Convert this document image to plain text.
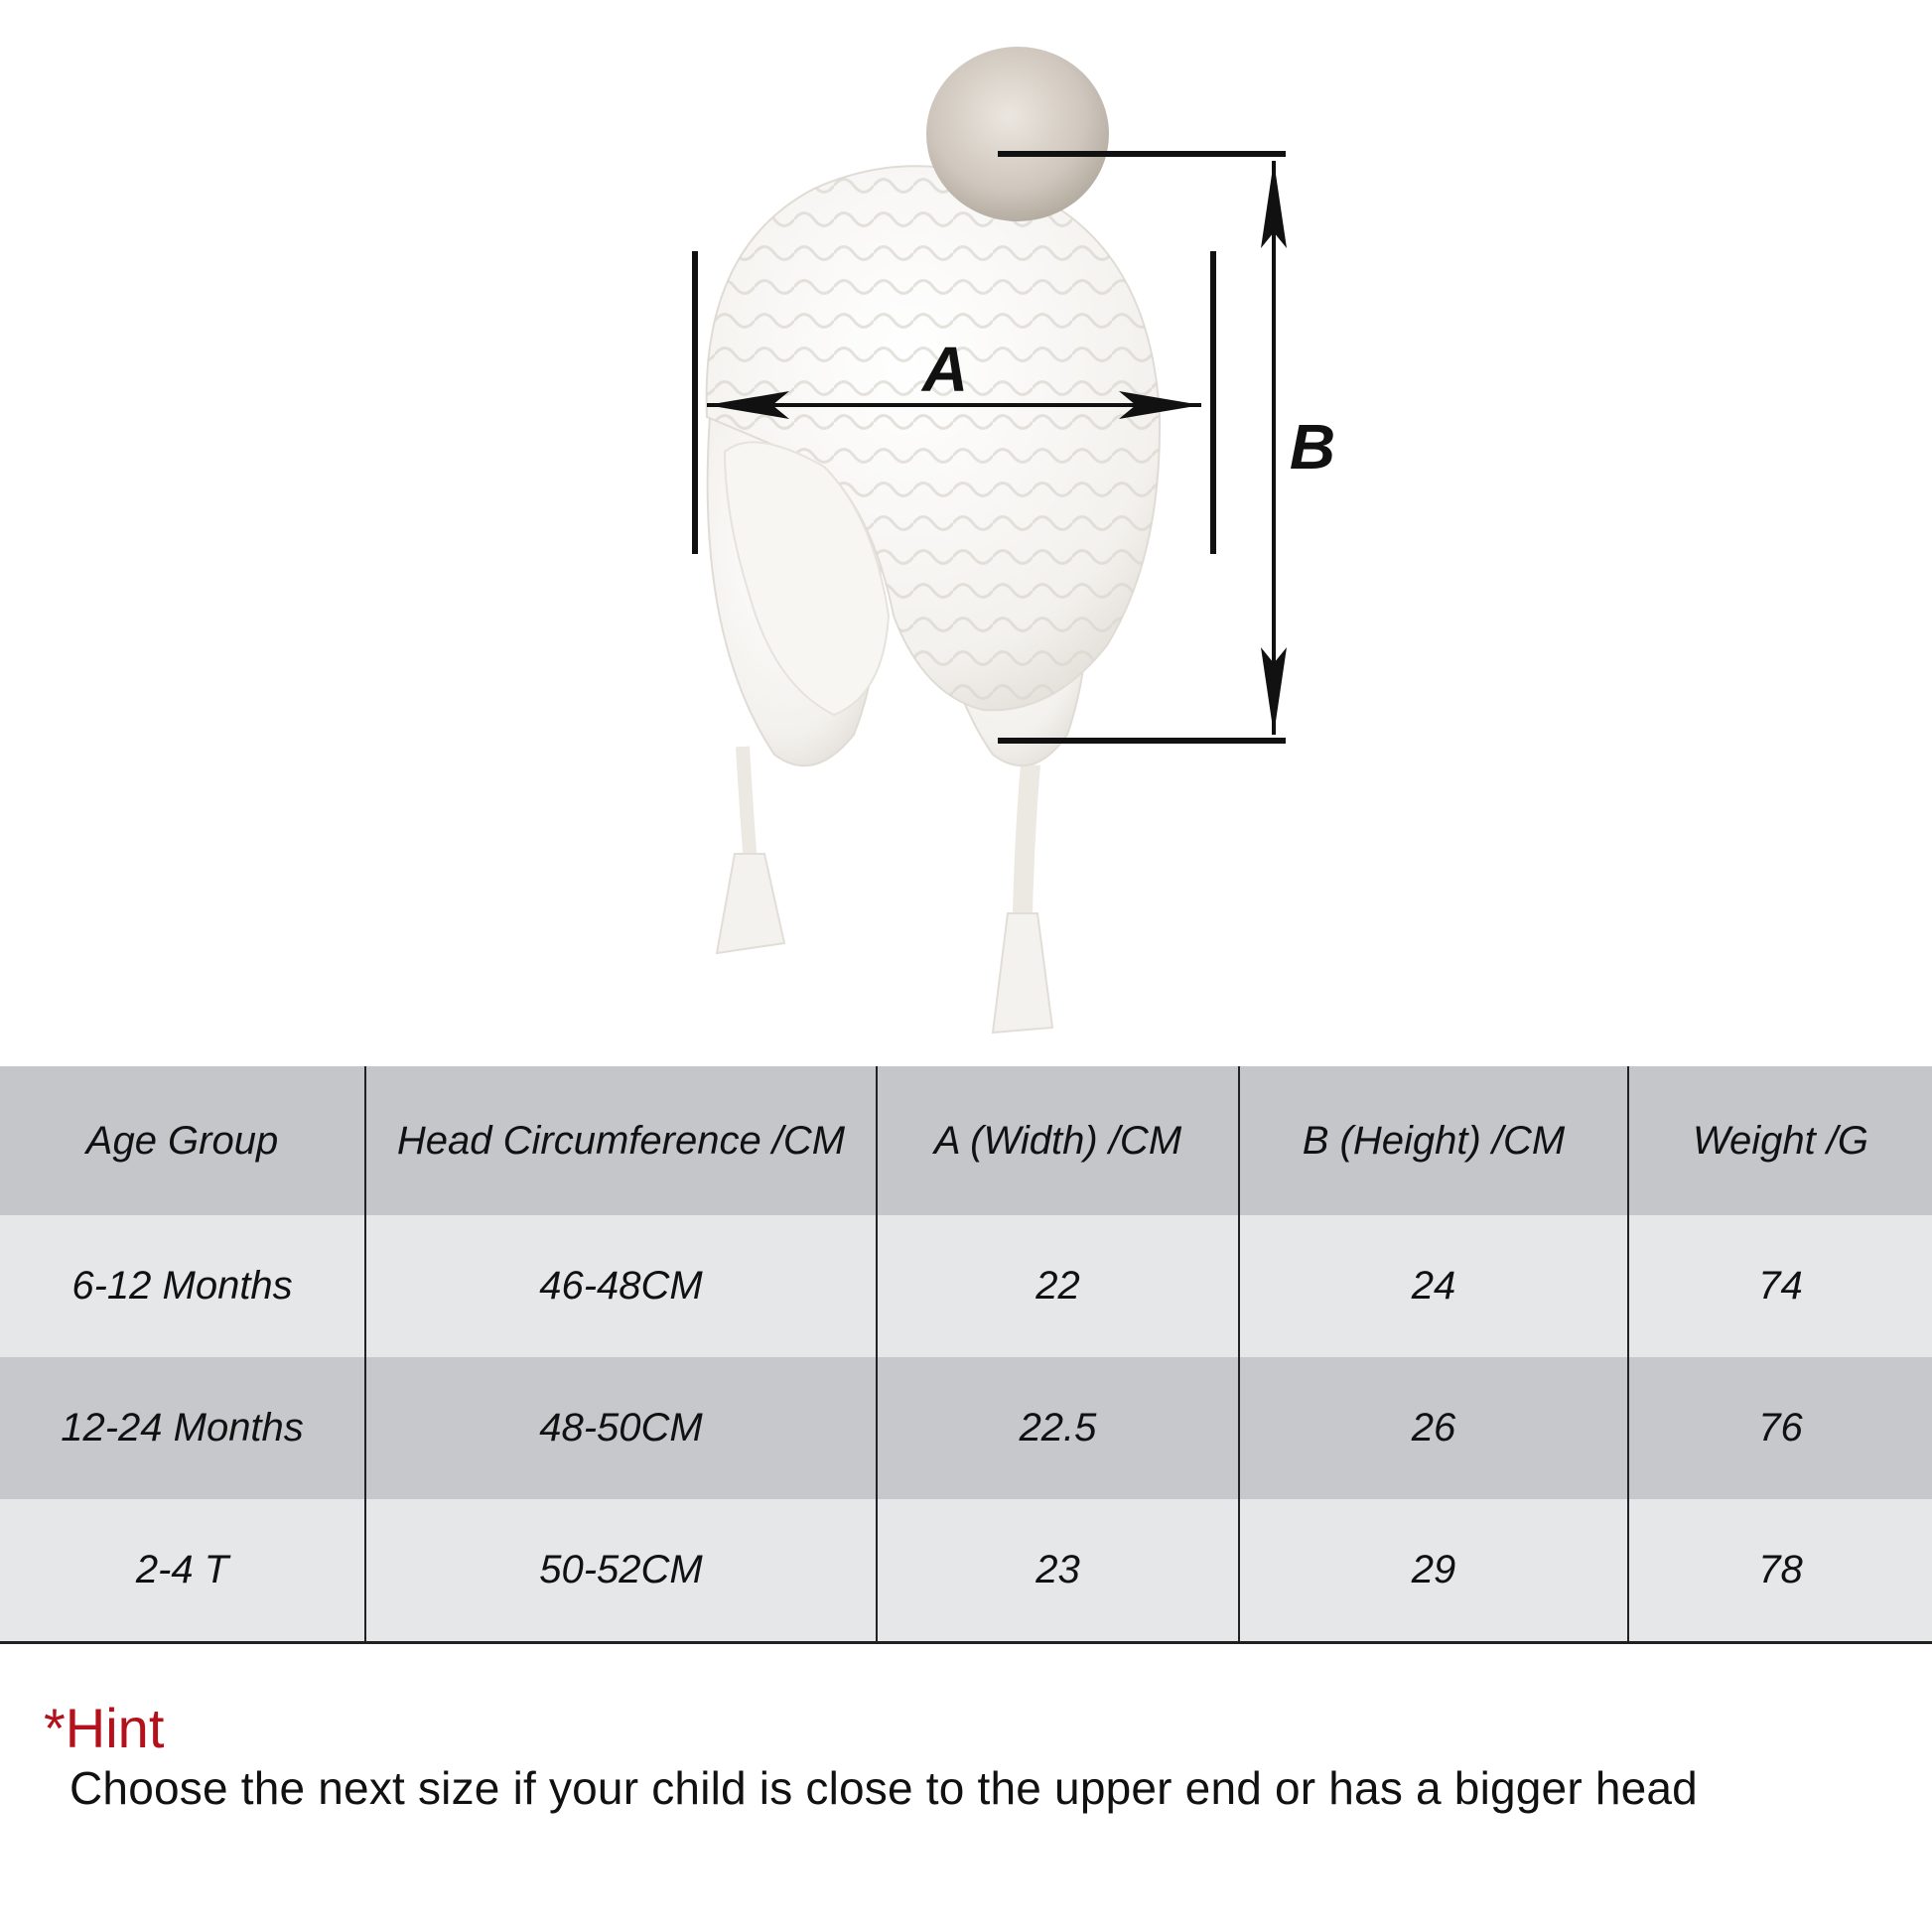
A
B
Age Group	Head Circumference /CM	A (Width) /CM	B (Height) /CM	Weight /G
6-12 Months	46-48CM	22	24	74
12-24 Months	48-50CM	22.5	26	76
2-4 T	50-52CM	23	29	78
*Hint

Choose the next size if your child is close to the upper end or has a bigger head
